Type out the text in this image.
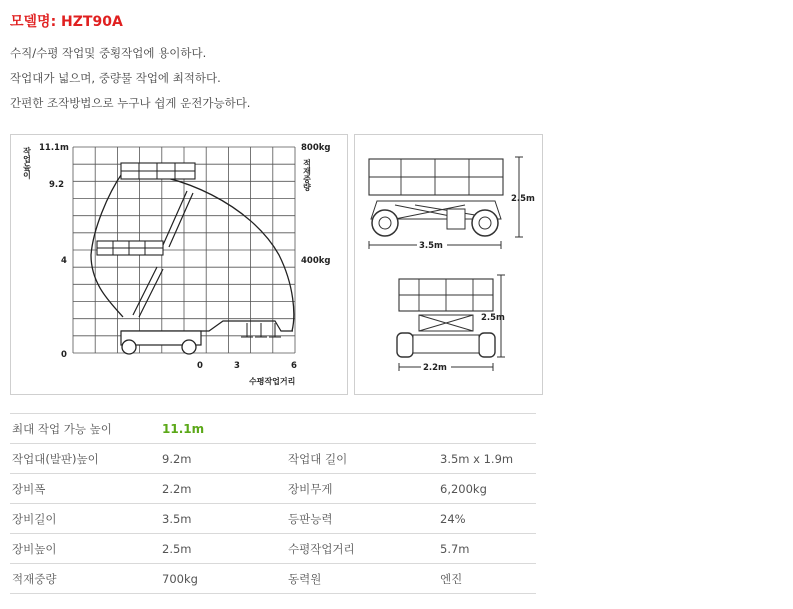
모델명: HZT90A
수직/수평 작업및 중횡작업에 용이하다.
작업대가 넓으며, 중량물 작업에 최적하다.
간편한 조작방법으로 누구나 쉽게 운전가능하다.
작업높이 11.1m
9.2
4
0
800kg
적재중량
400kg
0	3	6
수평작업거리
2.5m
3.5m
2.5m
2.2m
최대 작업 가능 높이	11.1m		
작업대(발판)높이	9.2m	작업대 길이	3.5m x 1.9m
장비폭	2.2m	장비무게	6,200kg
장비길이	3.5m	등판능력	24%
장비높이	2.5m	수평작업거리	5.7m
적재중량	700kg	동력원	엔진
